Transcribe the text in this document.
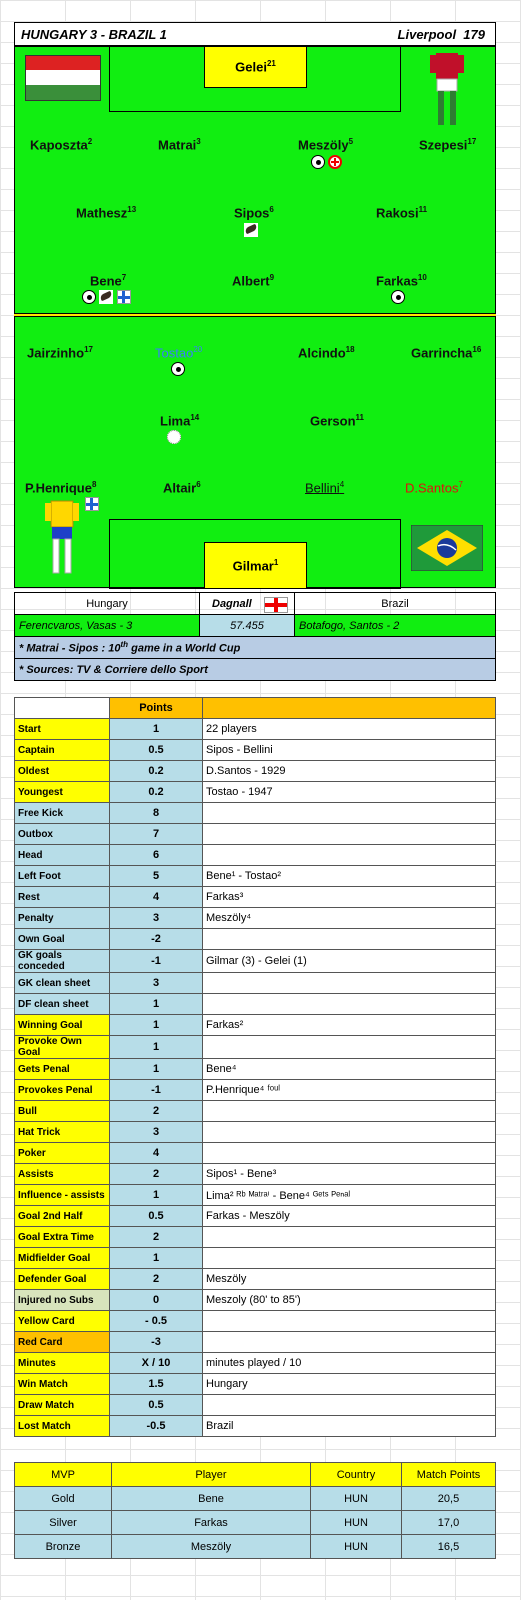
HUNGARY 3 - BRAZIL 1	Liverpool 179
Gelei$^{21}$
Kaposzta$^2$	Matrai$^3$	Meszöly$^5$	Szepesi$^{17}$
Mathesz$^{13}$	Sipos$^6$	Rakosi$^{11}$
Bene$^7$	Albert$^9$	Farkas$^{10}$
Jairzinho$^{17}$	Tostao$^{20}$	Alcindo$^{18}$	Garrincha$^{16}$
Lima$^{14}$	Gerson$^{11}$
P.Henrique$^8$	Altair$^6$	Bellini$^4$	D.Santos$^7$
Gilmar$^1$
Hungary	Dagnall	Brazil
Ferencvaros, Vasas - 3	57.455	Botafogo, Santos - 2
* Matrai - Sipos : 10th game in a World Cup		
* Sources: TV & Corriere dello Sport		
	Points	
Start	1	22 players
Captain	0.5	Sipos - Bellini
Oldest	0.2	D.Santos - 1929
Youngest	0.2	Tostao - 1947
Free Kick	8	
Outbox	7	
Head	6	
Left Foot	5	Bene¹ - Tostao²
Rest	4	Farkas³
Penalty	3	Meszöly⁴
Own Goal	-2	
GK goals conceded	-1	Gilmar (3) - Gelei (1)
GK clean sheet	3	
DF clean sheet	1	
Winning Goal	1	Farkas²
Provoke Own Goal	1	
Gets Penal	1	Bene⁴
Provokes Penal	-1	P.Henrique⁴ ᶠᵒᵘˡ
Bull	2	
Hat Trick	3	
Poker	4	
Assists	2	Sipos¹ - Bene³
Influence - assists	1	Lima² ᴿᵇ ᴹᵃᵗʳᵃⁱ - Bene⁴ ᴳᵉᵗˢ ᴾᵉⁿᵃˡ
Goal 2nd Half	0.5	Farkas - Meszöly
Goal Extra Time	2	
Midfielder Goal	1	
Defender Goal	2	Meszöly
Injured no Subs	0	Meszoly (80' to 85')
Yellow Card	- 0.5	
Red Card	-3	
Minutes	X / 10	minutes played / 10
Win Match	1.5	Hungary
Draw Match	0.5	
Lost Match	-0.5	Brazil
MVP	Player	Country	Match Points
Gold	Bene	HUN	20,5
Silver	Farkas	HUN	17,0
Bronze	Meszöly	HUN	16,5
